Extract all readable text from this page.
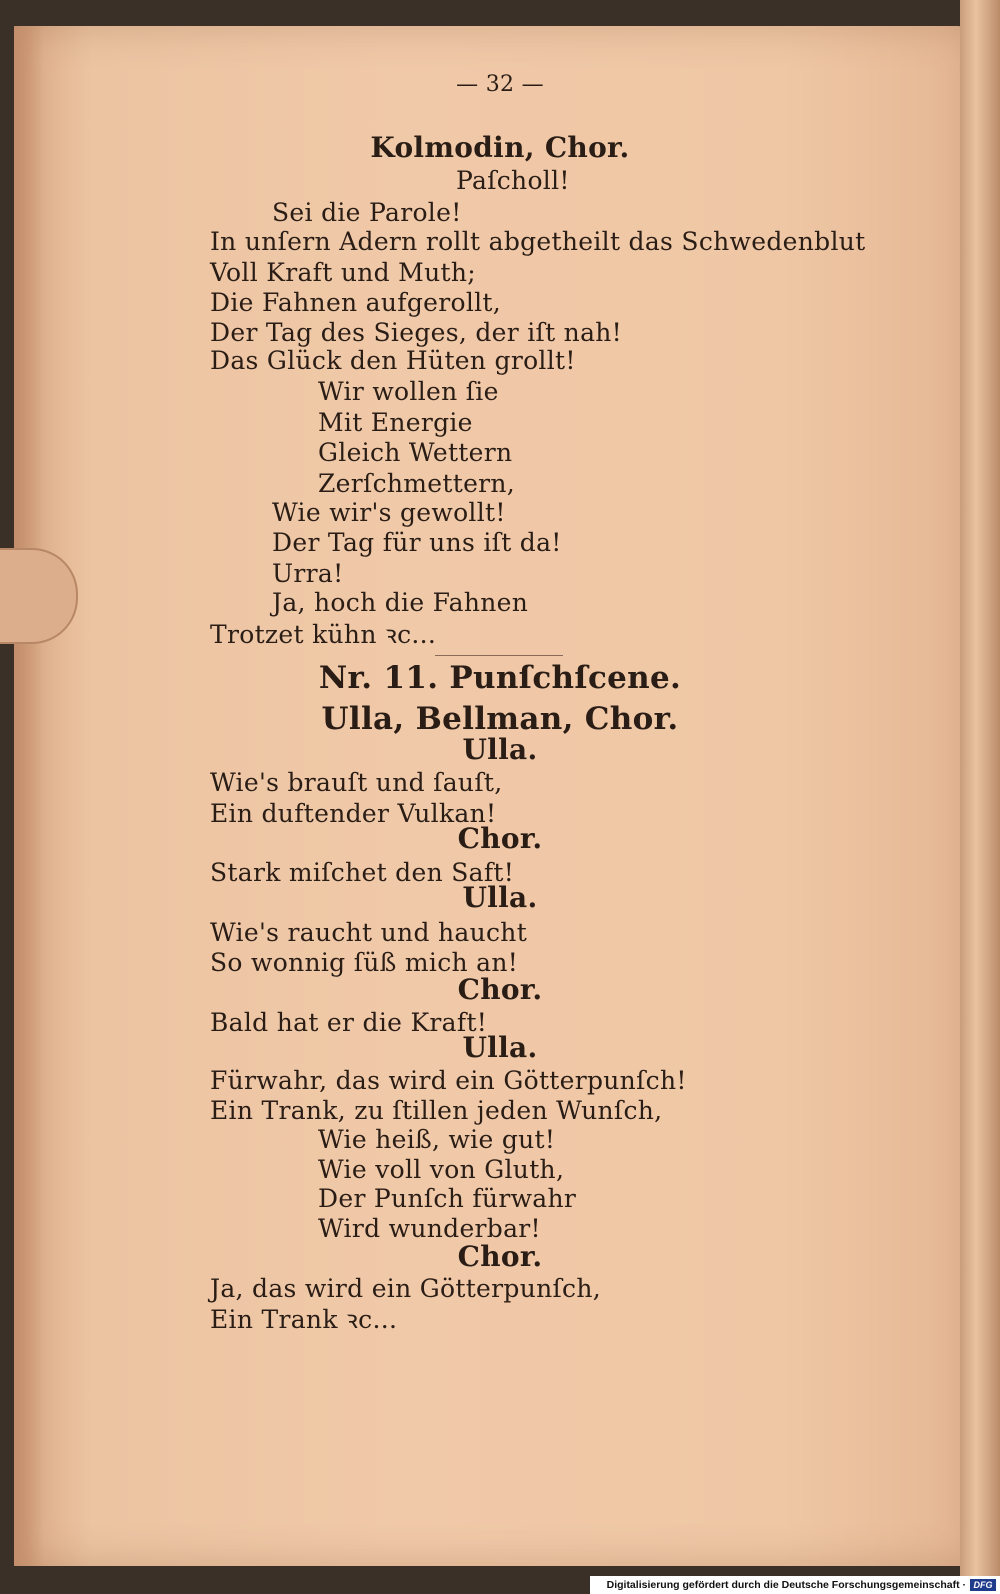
— 32 —
Kolmodin, Chor.
Paſcholl!
Sei die Parole!
In unſern Adern rollt abgetheilt das Schwedenblut
Voll Kraft und Muth;
Die Fahnen aufgerollt,
Der Tag des Sieges, der iſt nah!
Das Glück den Hüten grollt!
Wir wollen ſie
Mit Energie
Gleich Wettern
Zerſchmettern,
Wie wir's gewollt!
Der Tag für uns iſt da!
Urra!
Ja, hoch die Fahnen
Trotzet kühn ꝛc...
Nr. 11. Punſchſcene.
Ulla, Bellman, Chor.
Ulla.
Wie's brauſt und ſauſt,
Ein duftender Vulkan!
Chor.
Stark miſchet den Saft!
Ulla.
Wie's raucht und haucht
So wonnig ſüß mich an!
Chor.
Bald hat er die Kraft!
Ulla.
Fürwahr, das wird ein Götterpunſch!
Ein Trank, zu ſtillen jeden Wunſch,
Wie heiß, wie gut!
Wie voll von Gluth,
Der Punſch fürwahr
Wird wunderbar!
Chor.
Ja, das wird ein Götterpunſch,
Ein Trank ꝛc...
Digitalisierung gefördert durch die Deutsche Forschungsgemeinschaft · DFG
